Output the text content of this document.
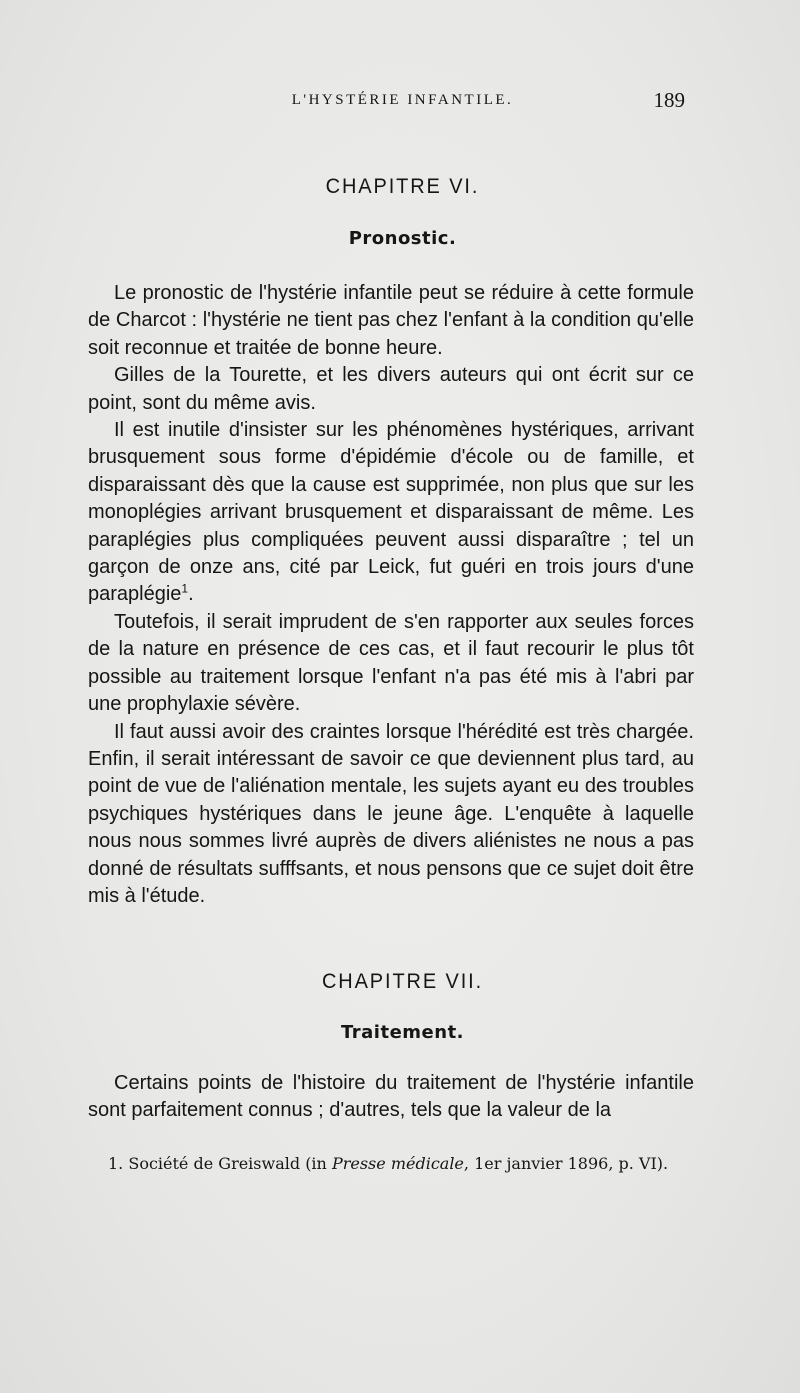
L'HYSTÉRIE INFANTILE.	189
CHAPITRE VI.
Pronostic.

Le pronostic de l'hystérie infantile peut se réduire à cette formule de Charcot : l'hystérie ne tient pas chez l'enfant à la condition qu'elle soit reconnue et traitée de bonne heure.

Gilles de la Tourette, et les divers auteurs qui ont écrit sur ce point, sont du même avis.

Il est inutile d'insister sur les phénomènes hystériques, arrivant brusquement sous forme d'épidémie d'école ou de famille, et disparaissant dès que la cause est supprimée, non plus que sur les monoplégies arrivant brusquement et disparaissant de même. Les paraplégies plus compliquées peuvent aussi disparaître ; tel un garçon de onze ans, cité par Leick, fut guéri en trois jours d'une paraplégie$^1$.

Toutefois, il serait imprudent de s'en rapporter aux seules forces de la nature en présence de ces cas, et il faut recourir le plus tôt possible au traitement lorsque l'enfant n'a pas été mis à l'abri par une prophylaxie sévère.

Il faut aussi avoir des craintes lorsque l'hérédité est très chargée. Enfin, il serait intéressant de savoir ce que deviennent plus tard, au point de vue de l'aliénation mentale, les sujets ayant eu des troubles psychiques hystériques dans le jeune âge. L'enquête à laquelle nous nous sommes livré auprès de divers aliénistes ne nous a pas donné de résultats sufffsants, et nous pensons que ce sujet doit être mis à l'étude.

CHAPITRE VII.
Traitement.

Certains points de l'histoire du traitement de l'hystérie infantile sont parfaitement connus ; d'autres, tels que la valeur de la

1. Société de Greiswald (in Presse médicale, 1er janvier 1896, p. VI).
